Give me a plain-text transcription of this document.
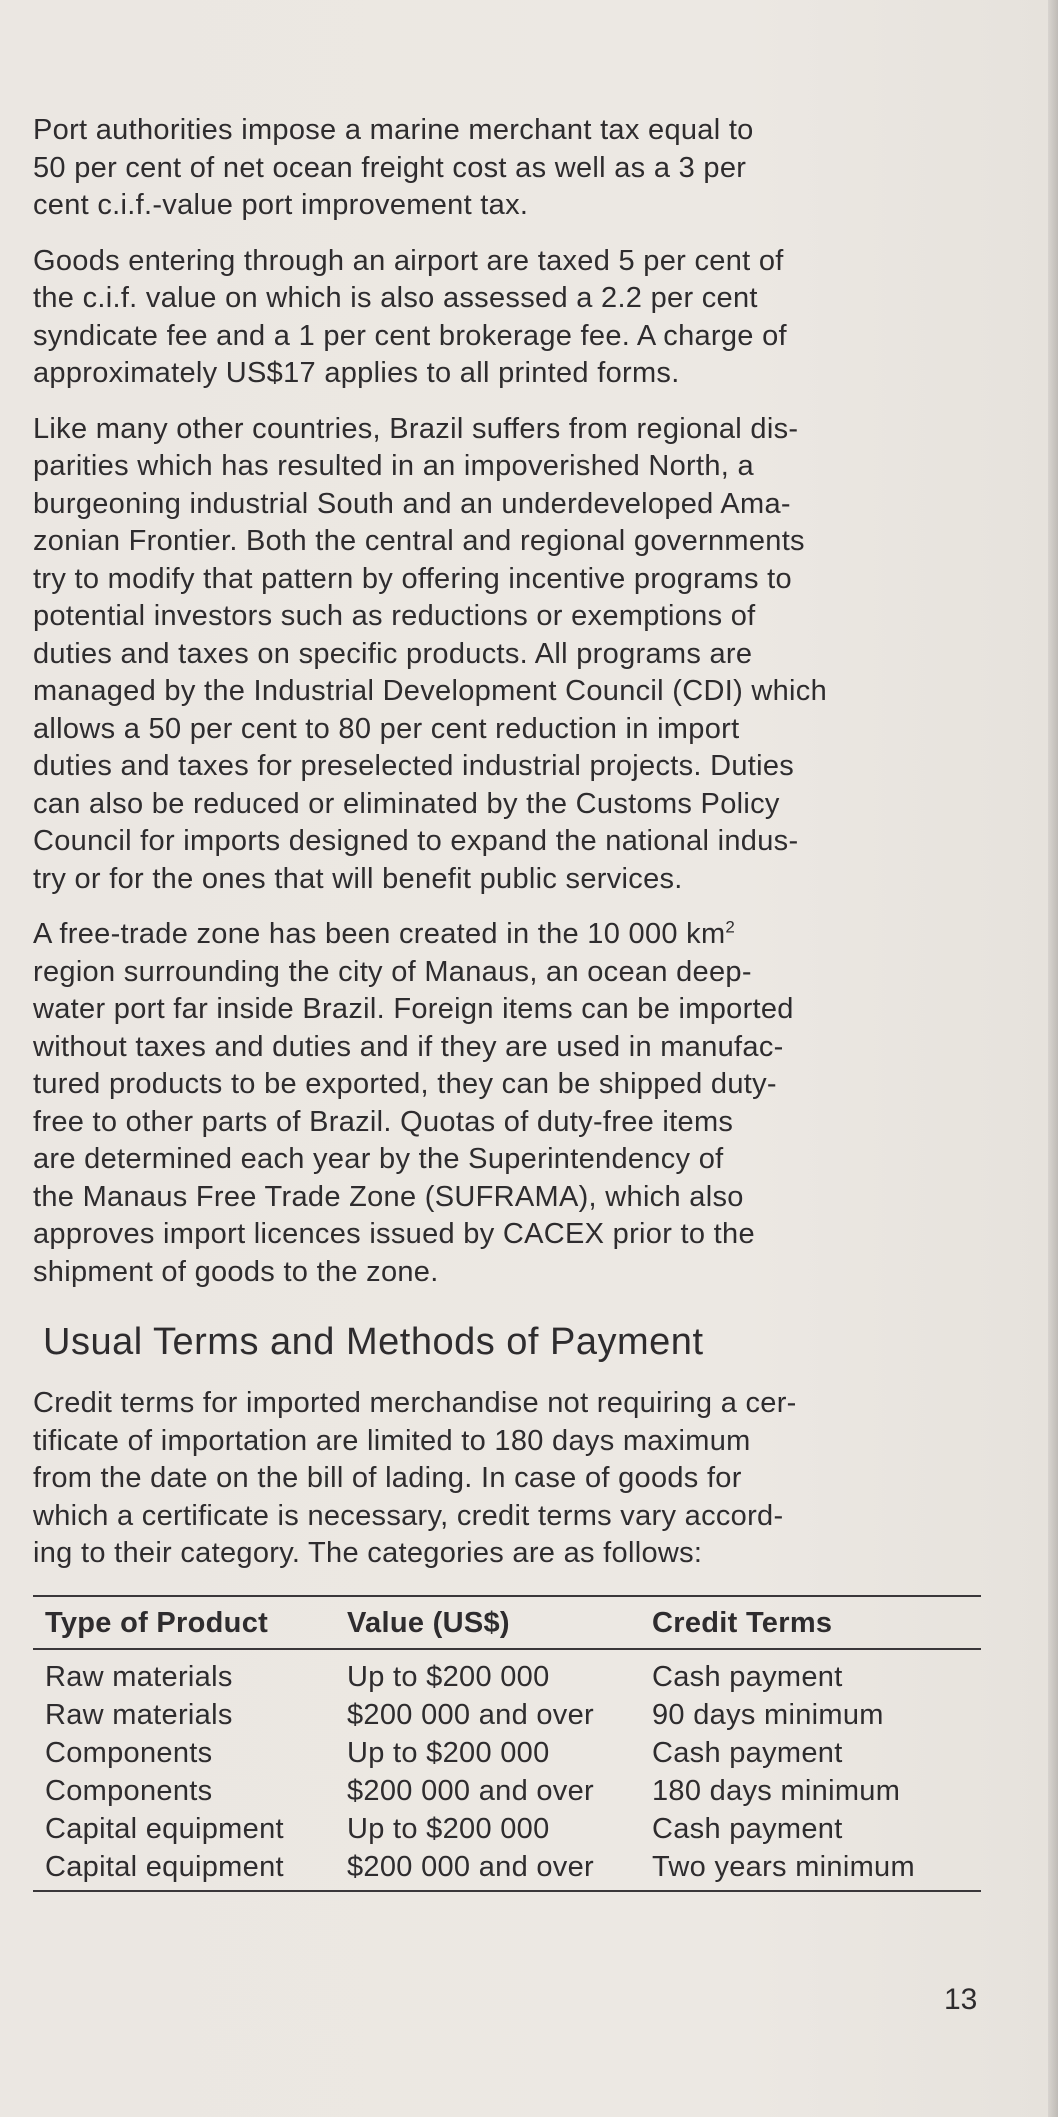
Port authorities impose a marine merchant tax equal to
50 per cent of net ocean freight cost as well as a 3 per
cent c.i.f.-value port improvement tax.

Goods entering through an airport are taxed 5 per cent of
the c.i.f. value on which is also assessed a 2.2 per cent
syndicate fee and a 1 per cent brokerage fee. A charge of
approximately US$17 applies to all printed forms.

Like many other countries, Brazil suffers from regional dis-
parities which has resulted in an impoverished North, a
burgeoning industrial South and an underdeveloped Ama-
zonian Frontier. Both the central and regional governments
try to modify that pattern by offering incentive programs to
potential investors such as reductions or exemptions of
duties and taxes on specific products. All programs are
managed by the Industrial Development Council (CDI) which
allows a 50 per cent to 80 per cent reduction in import
duties and taxes for preselected industrial projects. Duties
can also be reduced or eliminated by the Customs Policy
Council for imports designed to expand the national indus-
try or for the ones that will benefit public services.

A free-trade zone has been created in the 10 000 $km^2$
region surrounding the city of Manaus, an ocean deep-
water port far inside Brazil. Foreign items can be imported
without taxes and duties and if they are used in manufac-
tured products to be exported, they can be shipped duty-
free to other parts of Brazil. Quotas of duty-free items
are determined each year by the Superintendency of
the Manaus Free Trade Zone (SUFRAMA), which also
approves import licences issued by CACEX prior to the
shipment of goods to the zone.

Usual Terms and Methods of Payment

Credit terms for imported merchandise not requiring a cer-
tificate of importation are limited to 180 days maximum
from the date on the bill of lading. In case of goods for
which a certificate is necessary, credit terms vary accord-
ing to their category. The categories are as follows:

Type of Product	Value (US$)	Credit Terms
Raw materials	Up to $200 000	Cash payment
Raw materials	$200 000 and over	90 days minimum
Components	Up to $200 000	Cash payment
Components	$200 000 and over	180 days minimum
Capital equipment	Up to $200 000	Cash payment
Capital equipment	$200 000 and over	Two years minimum
13
